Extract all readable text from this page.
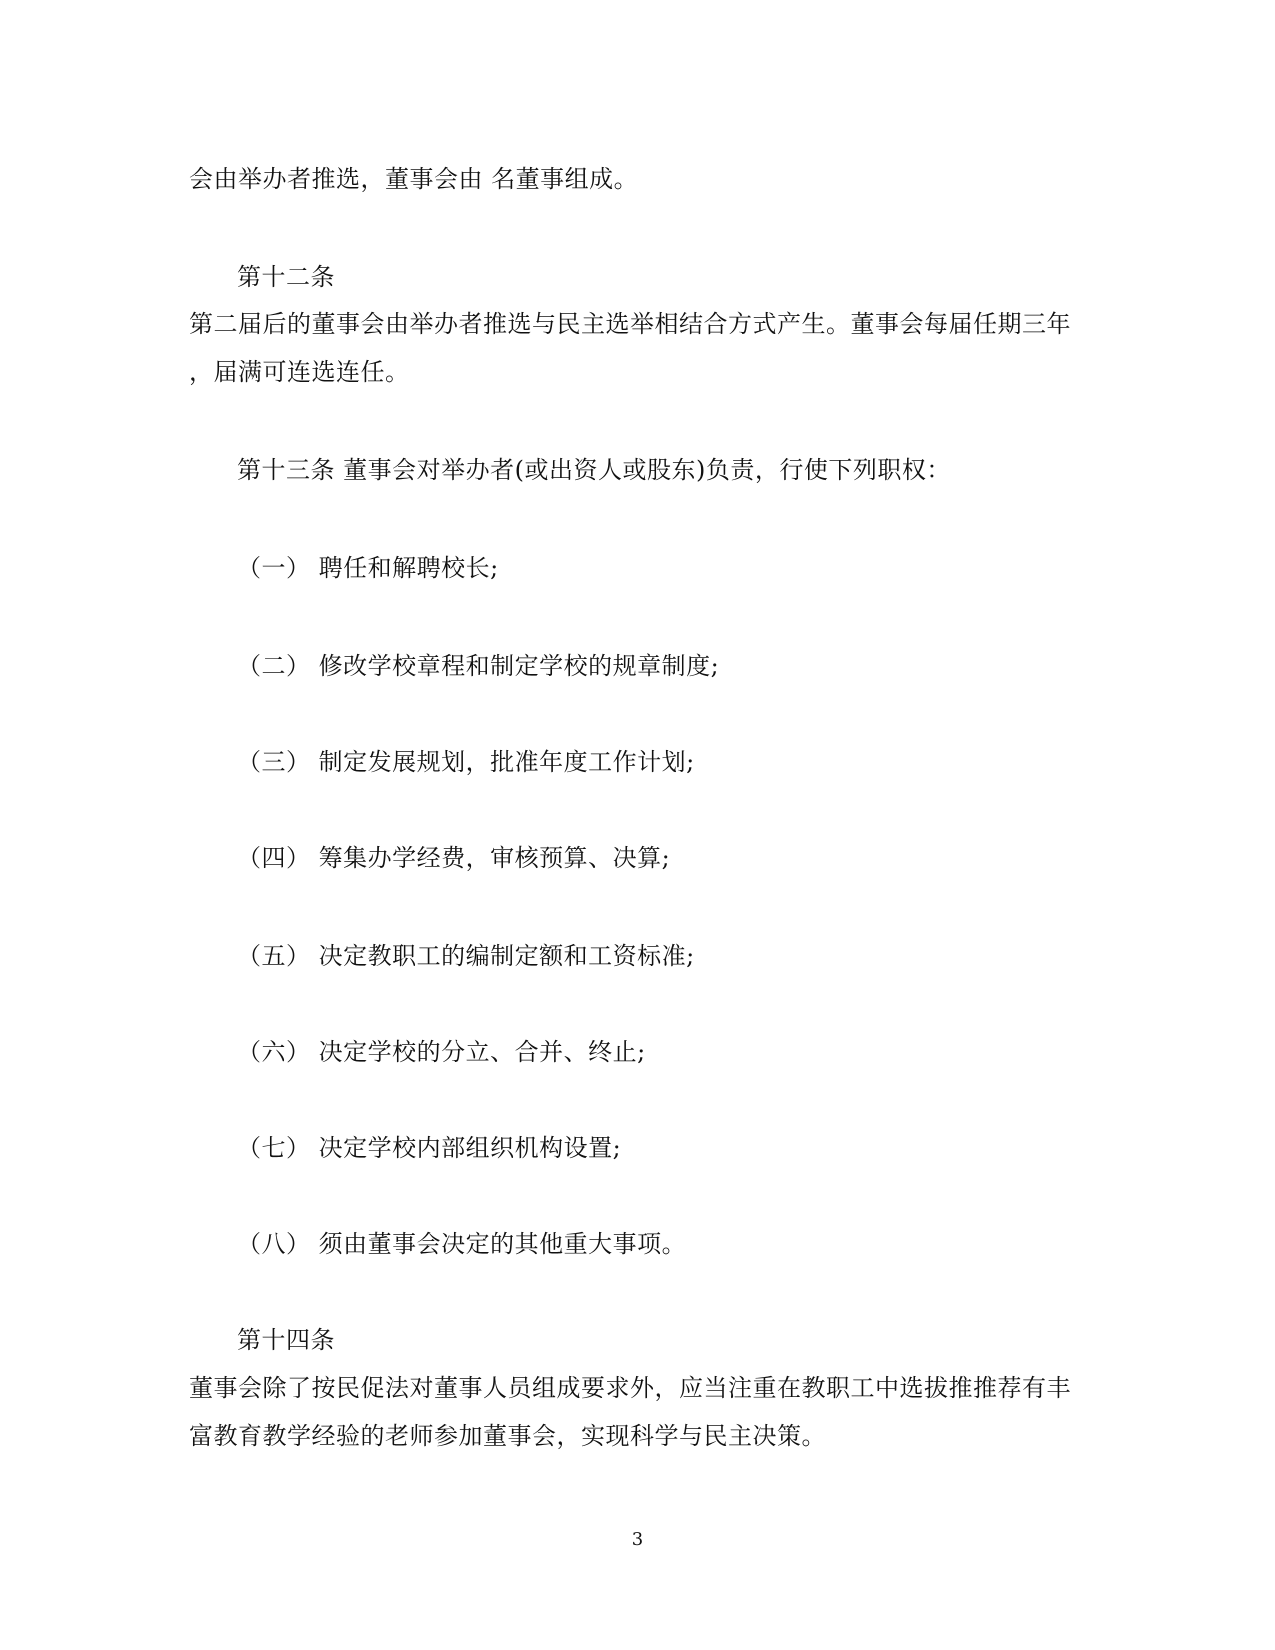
会由举办者推选，董事会由 名董事组成。
第十二条
第二届后的董事会由举办者推选与民主选举相结合方式产生。董事会每届任期三年
，届满可连选连任。
第十三条 董事会对举办者(或出资人或股东)负责，行使下列职权：
（一） 聘任和解聘校长;
（二） 修改学校章程和制定学校的规章制度;
（三） 制定发展规划，批准年度工作计划;
（四） 筹集办学经费，审核预算、决算;
（五） 决定教职工的编制定额和工资标准;
（六） 决定学校的分立、合并、终止;
（七） 决定学校内部组织机构设置;
（八） 须由董事会决定的其他重大事项。
第十四条
董事会除了按民促法对董事人员组成要求外，应当注重在教职工中选拔推推荐有丰
富教育教学经验的老师参加董事会，实现科学与民主决策。
3
